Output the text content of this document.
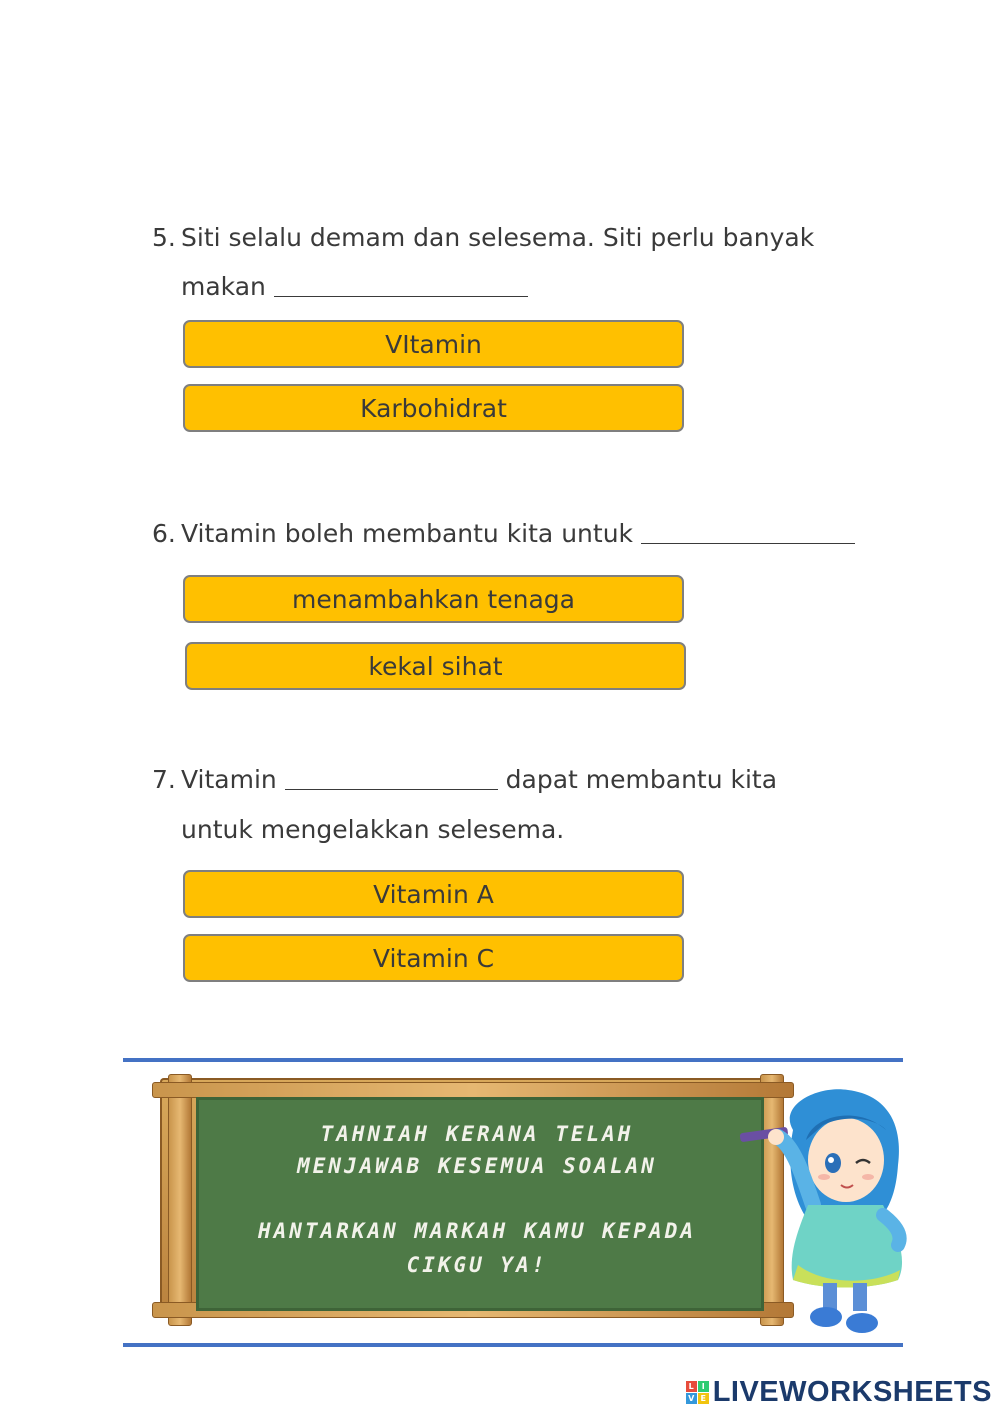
5. Siti selalu demam dan selesema. Siti perlu banyak
makan
VItamin
Karbohidrat
6. Vitamin boleh membantu kita untuk
menambahkan tenaga
kekal sihat
7. Vitamin	dapat membantu kita
untuk mengelakkan selesema.
Vitamin A
Vitamin C
TAHNIAH KERANA TELAH
MENJAWAB KESEMUA SOALAN
HANTARKAN MARKAH KAMU KEPADA
CIKGU YA!
L I
V E LIVEWORKSHEETS
